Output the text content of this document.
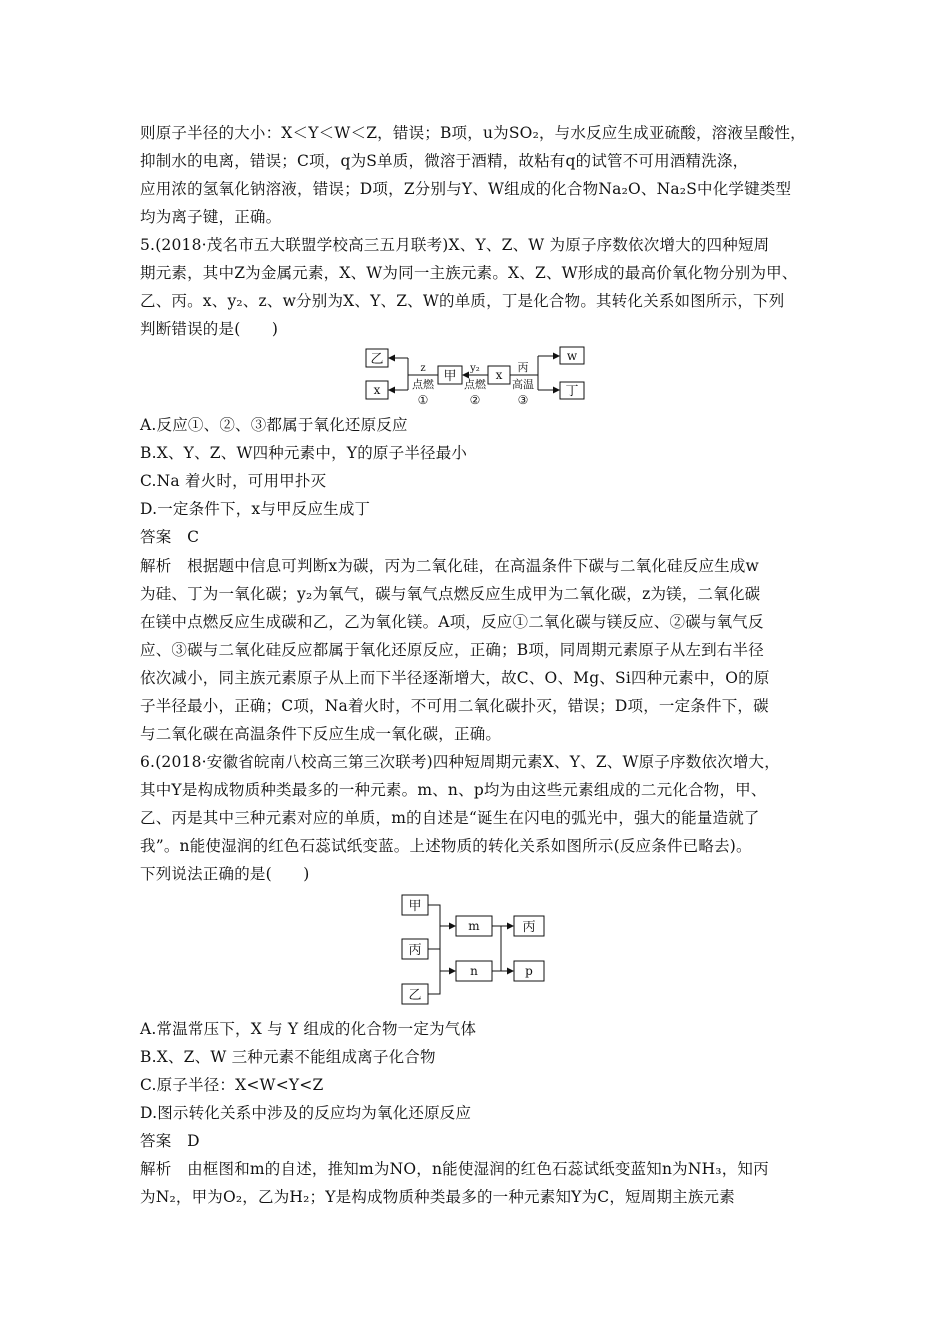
则原子半径的大小：X＜Y＜W＜Z，错误；B项，u为SO₂，与水反应生成亚硫酸，溶液呈酸性，
抑制水的电离，错误；C项，q为S单质，微溶于酒精，故粘有q的试管不可用酒精洗涤，
应用浓的氢氧化钠溶液，错误；D项，Z分别与Y、W组成的化合物Na₂O、Na₂S中化学键类型
均为离子键，正确。
5.(2018·茂名市五大联盟学校高三五月联考)X、Y、Z、W 为原子序数依次增大的四种短周
期元素，其中Z为金属元素，X、W为同一主族元素。X、Z、W形成的最高价氧化物分别为甲、
乙、丙。x、y₂、z、w分别为X、Y、Z、W的单质，丁是化合物。其转化关系如图所示，下列
判断错误的是(　　)
乙
x
甲	x
w
丁
z
点燃
①
y₂
点燃
②
丙
高温
③
A.反应①、②、③都属于氧化还原反应
B.X、Y、Z、W四种元素中，Y的原子半径最小
C.Na 着火时，可用甲扑灭
D.一定条件下，x与甲反应生成丁
答案　C
解析　根据题中信息可判断x为碳，丙为二氧化硅，在高温条件下碳与二氧化硅反应生成w
为硅、丁为一氧化碳；y₂为氧气，碳与氧气点燃反应生成甲为二氧化碳，z为镁，二氧化碳
在镁中点燃反应生成碳和乙，乙为氧化镁。A项，反应①二氧化碳与镁反应、②碳与氧气反
应、③碳与二氧化硅反应都属于氧化还原反应，正确；B项，同周期元素原子从左到右半径
依次减小，同主族元素原子从上而下半径逐渐增大，故C、O、Mg、Si四种元素中，O的原
子半径最小，正确；C项，Na着火时，不可用二氧化碳扑灭，错误；D项，一定条件下，碳
与二氧化碳在高温条件下反应生成一氧化碳，正确。
6.(2018·安徽省皖南八校高三第三次联考)四种短周期元素X、Y、Z、W原子序数依次增大，
其中Y是构成物质种类最多的一种元素。m、n、p均为由这些元素组成的二元化合物，甲、
乙、丙是其中三种元素对应的单质，m的自述是“诞生在闪电的弧光中，强大的能量造就了
我”。n能使湿润的红色石蕊试纸变蓝。上述物质的转化关系如图所示(反应条件已略去)。
下列说法正确的是(　　)
甲
丙
乙
m
n
丙
p
A.常温常压下，X 与 Y 组成的化合物一定为气体
B.X、Z、W 三种元素不能组成离子化合物
C.原子半径：X<W<Y<Z
D.图示转化关系中涉及的反应均为氧化还原反应
答案　D
解析　由框图和m的自述，推知m为NO，n能使湿润的红色石蕊试纸变蓝知n为NH₃，知丙
为N₂，甲为O₂，乙为H₂；Y是构成物质种类最多的一种元素知Y为C，短周期主族元素
